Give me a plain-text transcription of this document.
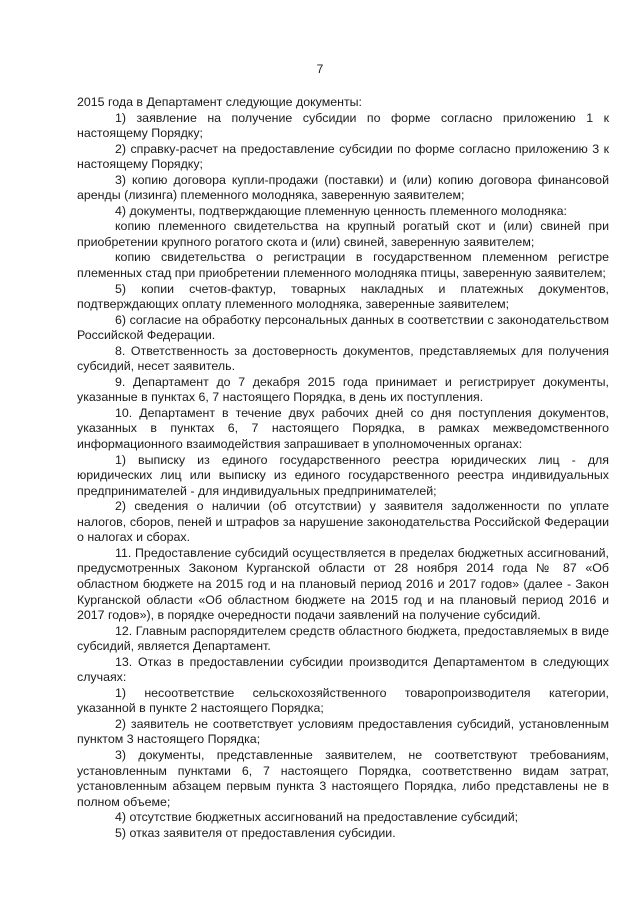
7

2015 года в Департамент следующие документы:

1) заявление на получение субсидии по форме согласно приложению 1 к настоящему Порядку;

2) справку-расчет на предоставление субсидии по форме согласно приложению 3 к настоящему Порядку;

3) копию договора купли-продажи (поставки) и (или) копию договора финансовой аренды (лизинга) племенного молодняка, заверенную заявителем;

4) документы, подтверждающие племенную ценность племенного молодняка:

копию племенного свидетельства на крупный рогатый скот и (или) свиней при приобретении крупного рогатого скота и (или) свиней, заверенную заявителем;

копию свидетельства о регистрации в государственном племенном регистре племенных стад при приобретении племенного молодняка птицы, заверенную заявителем;

5) копии счетов-фактур, товарных накладных и платежных документов, подтверждающих оплату племенного молодняка, заверенные заявителем;

6) согласие на обработку персональных данных в соответствии с законодательством Российской Федерации.

8. Ответственность за достоверность документов, представляемых для получения субсидий, несет заявитель.

9. Департамент до 7 декабря 2015 года принимает и регистрирует документы, указанные в пунктах 6, 7 настоящего Порядка, в день их поступления.

10. Департамент в течение двух рабочих дней со дня поступления документов, указанных в пунктах 6, 7 настоящего Порядка, в рамках межведомственного информационного взаимодействия запрашивает в уполномоченных органах:

1) выписку из единого государственного реестра юридических лиц - для юридических лиц или выписку из единого государственного реестра индивидуальных предпринимателей - для индивидуальных предпринимателей;

2) сведения о наличии (об отсутствии) у заявителя задолженности по уплате налогов, сборов, пеней и штрафов за нарушение законодательства Российской Федерации о налогах и сборах.

11. Предоставление субсидий осуществляется в пределах бюджетных ассигнований, предусмотренных Законом Курганской области от 28 ноября 2014 года № 87 «Об областном бюджете на 2015 год и на плановый период 2016 и 2017 годов» (далее - Закон Курганской области «Об областном бюджете на 2015 год и на плановый период 2016 и 2017 годов»), в порядке очередности подачи заявлений на получение субсидий.

12. Главным распорядителем средств областного бюджета, предоставляемых в виде субсидий, является Департамент.

13. Отказ в предоставлении субсидии производится Департаментом в следующих случаях:

1) несоответствие сельскохозяйственного товаропроизводителя категории, указанной в пункте 2 настоящего Порядка;

2) заявитель не соответствует условиям предоставления субсидий, установленным пунктом 3 настоящего Порядка;

3) документы, представленные заявителем, не соответствуют требованиям, установленным пунктами 6, 7 настоящего Порядка, соответственно видам затрат, установленным абзацем первым пункта 3 настоящего Порядка, либо представлены не в полном объеме;

4) отсутствие бюджетных ассигнований на предоставление субсидий;

5) отказ заявителя от предоставления субсидии.
